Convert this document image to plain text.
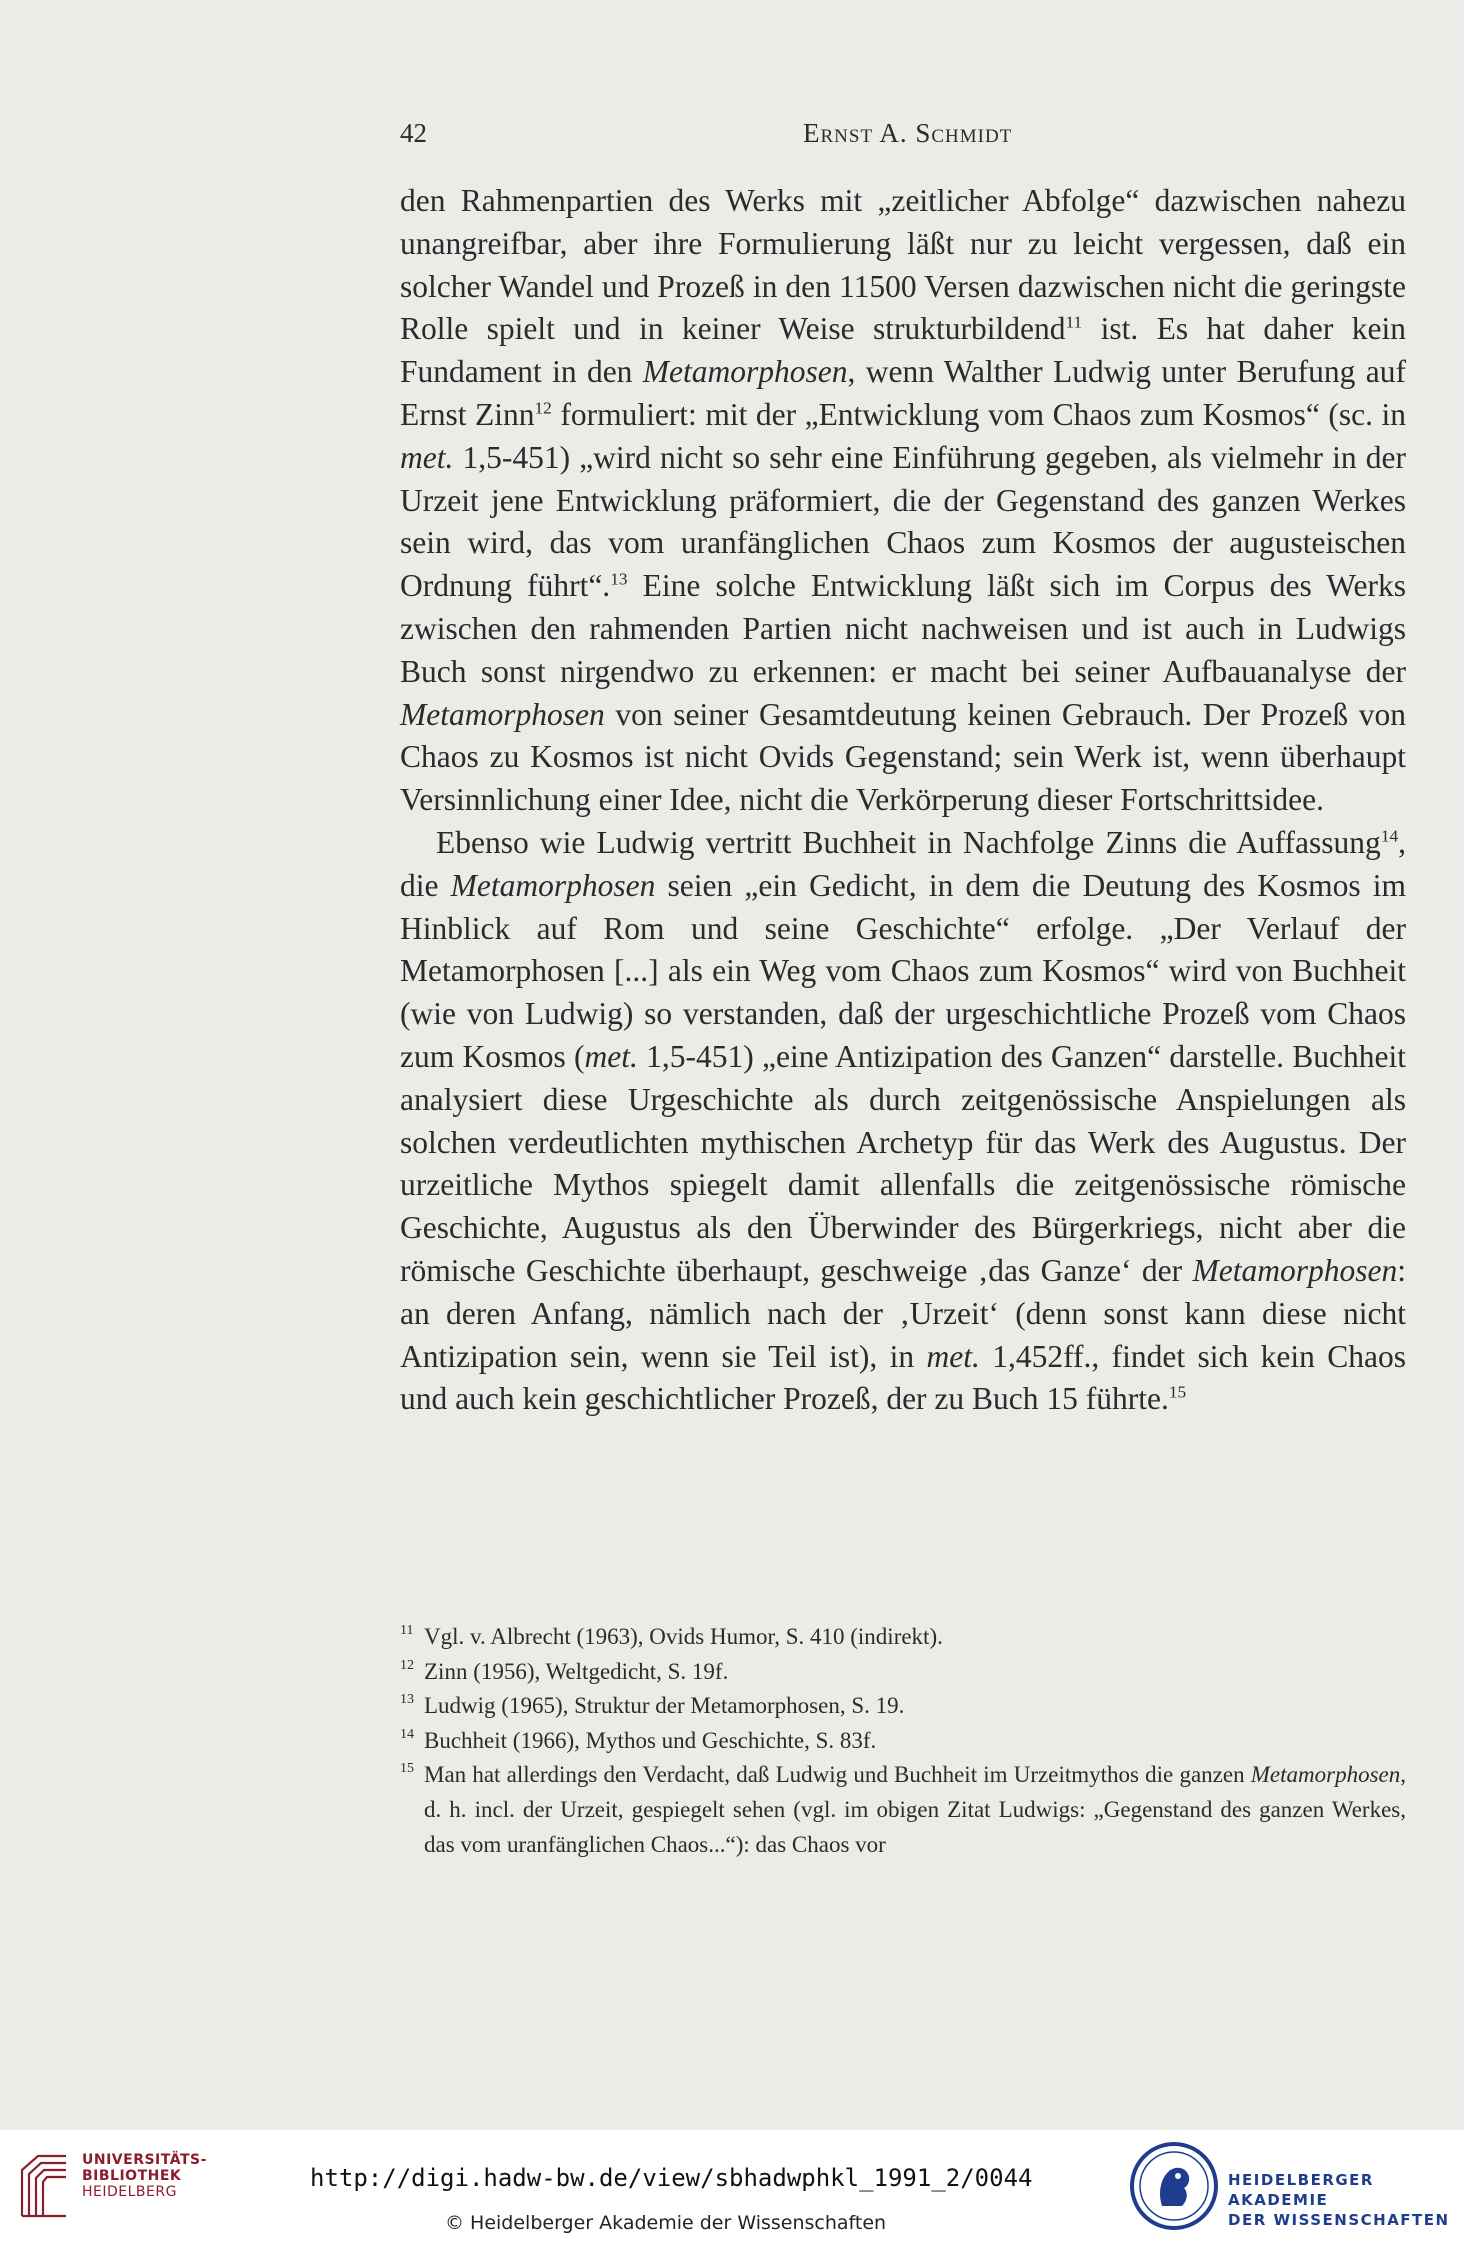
42	Ernst A. Schmidt

den Rahmenpartien des Werks mit „zeitlicher Abfolge“ dazwischen nahezu unangreifbar, aber ihre Formulierung läßt nur zu leicht vergessen, daß ein solcher Wandel und Prozeß in den 11500 Versen dazwischen nicht die geringste Rolle spielt und in keiner Weise strukturbildend$^{11}$ ist. Es hat daher kein Fundament in den Metamorphosen, wenn Walther Ludwig unter Berufung auf Ernst Zinn$^{12}$ formuliert: mit der „Entwicklung vom Chaos zum Kosmos“ (sc. in met. 1,5-451) „wird nicht so sehr eine Einführung gegeben, als vielmehr in der Urzeit jene Entwicklung präformiert, die der Gegenstand des ganzen Werkes sein wird, das vom uranfänglichen Chaos zum Kosmos der augusteischen Ordnung führt“.$^{13}$ Eine solche Entwicklung läßt sich im Corpus des Werks zwischen den rahmenden Partien nicht nachweisen und ist auch in Ludwigs Buch sonst nirgendwo zu erkennen: er macht bei seiner Aufbauanalyse der Metamorphosen von seiner Gesamtdeutung keinen Gebrauch. Der Prozeß von Chaos zu Kosmos ist nicht Ovids Gegenstand; sein Werk ist, wenn überhaupt Versinnlichung einer Idee, nicht die Verkörperung dieser Fortschrittsidee.

Ebenso wie Ludwig vertritt Buchheit in Nachfolge Zinns die Auffassung$^{14}$, die Metamorphosen seien „ein Gedicht, in dem die Deutung des Kosmos im Hinblick auf Rom und seine Geschichte“ erfolge. „Der Verlauf der Metamorphosen [...] als ein Weg vom Chaos zum Kosmos“ wird von Buchheit (wie von Ludwig) so verstanden, daß der urgeschichtliche Prozeß vom Chaos zum Kosmos (met. 1,5-451) „eine Antizipation des Ganzen“ darstelle. Buchheit analysiert diese Urgeschichte als durch zeitgenössische Anspielungen als solchen verdeutlichten mythischen Archetyp für das Werk des Augustus. Der urzeitliche Mythos spiegelt damit allenfalls die zeitgenössische römische Geschichte, Augustus als den Überwinder des Bürgerkriegs, nicht aber die römische Geschichte überhaupt, geschweige ‚das Ganze‘ der Metamorphosen: an deren Anfang, nämlich nach der ‚Urzeit‘ (denn sonst kann diese nicht Antizipation sein, wenn sie Teil ist), in met. 1,452ff., findet sich kein Chaos und auch kein geschichtlicher Prozeß, der zu Buch 15 führte.$^{15}$

11 Vgl. v. Albrecht (1963), Ovids Humor, S. 410 (indirekt).

12 Zinn (1956), Weltgedicht, S. 19f.

13 Ludwig (1965), Struktur der Metamorphosen, S. 19.

14 Buchheit (1966), Mythos und Geschichte, S. 83f.

15 Man hat allerdings den Verdacht, daß Ludwig und Buchheit im Urzeitmythos die ganzen Metamorphosen, d. h. incl. der Urzeit, gespiegelt sehen (vgl. im obigen Zitat Ludwigs: „Gegenstand des ganzen Werkes, das vom uranfänglichen Chaos...“): das Chaos vor

UNIVERSITÄTS-
BIBLIOTHEK
HEIDELBERG	http://digi.hadw-bw.de/view/sbhadwphkl_1991_2/0044
© Heidelberger Akademie der Wissenschaften
HEIDELBERGER AKADEMIE
DER WISSENSCHAFTEN
